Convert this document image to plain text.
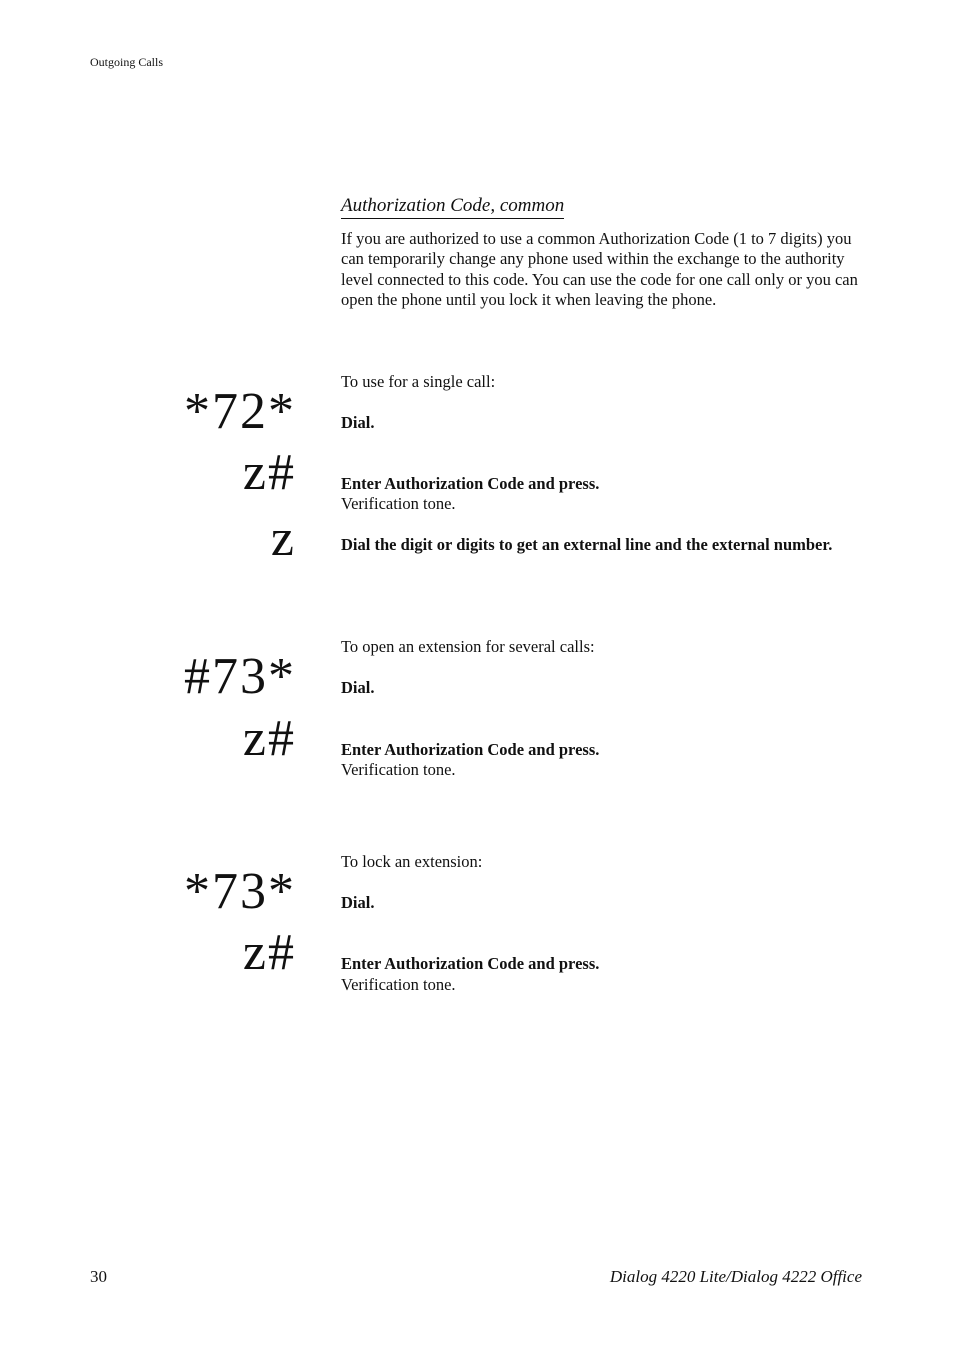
Outgoing Calls
Authorization Code, common
If you are authorized to use a common Authorization Code (1 to 7 digits) you can temporarily change any phone used within the exchange to the authority level connected to this code. You can use the code for one call only or you can open the phone until you lock it when leaving the phone.
To use for a single call:
*72*	Dial.
z#	Enter Authorization Code and press.
Verification tone.
z	Dial the digit or digits to get an external line and the external number.
To open an extension for several calls:
#73*	Dial.
z#	Enter Authorization Code and press.
Verification tone.
To lock an extension:
*73*	Dial.
z#	Enter Authorization Code and press.
Verification tone.
30	Dialog 4220 Lite/Dialog 4222 Office
